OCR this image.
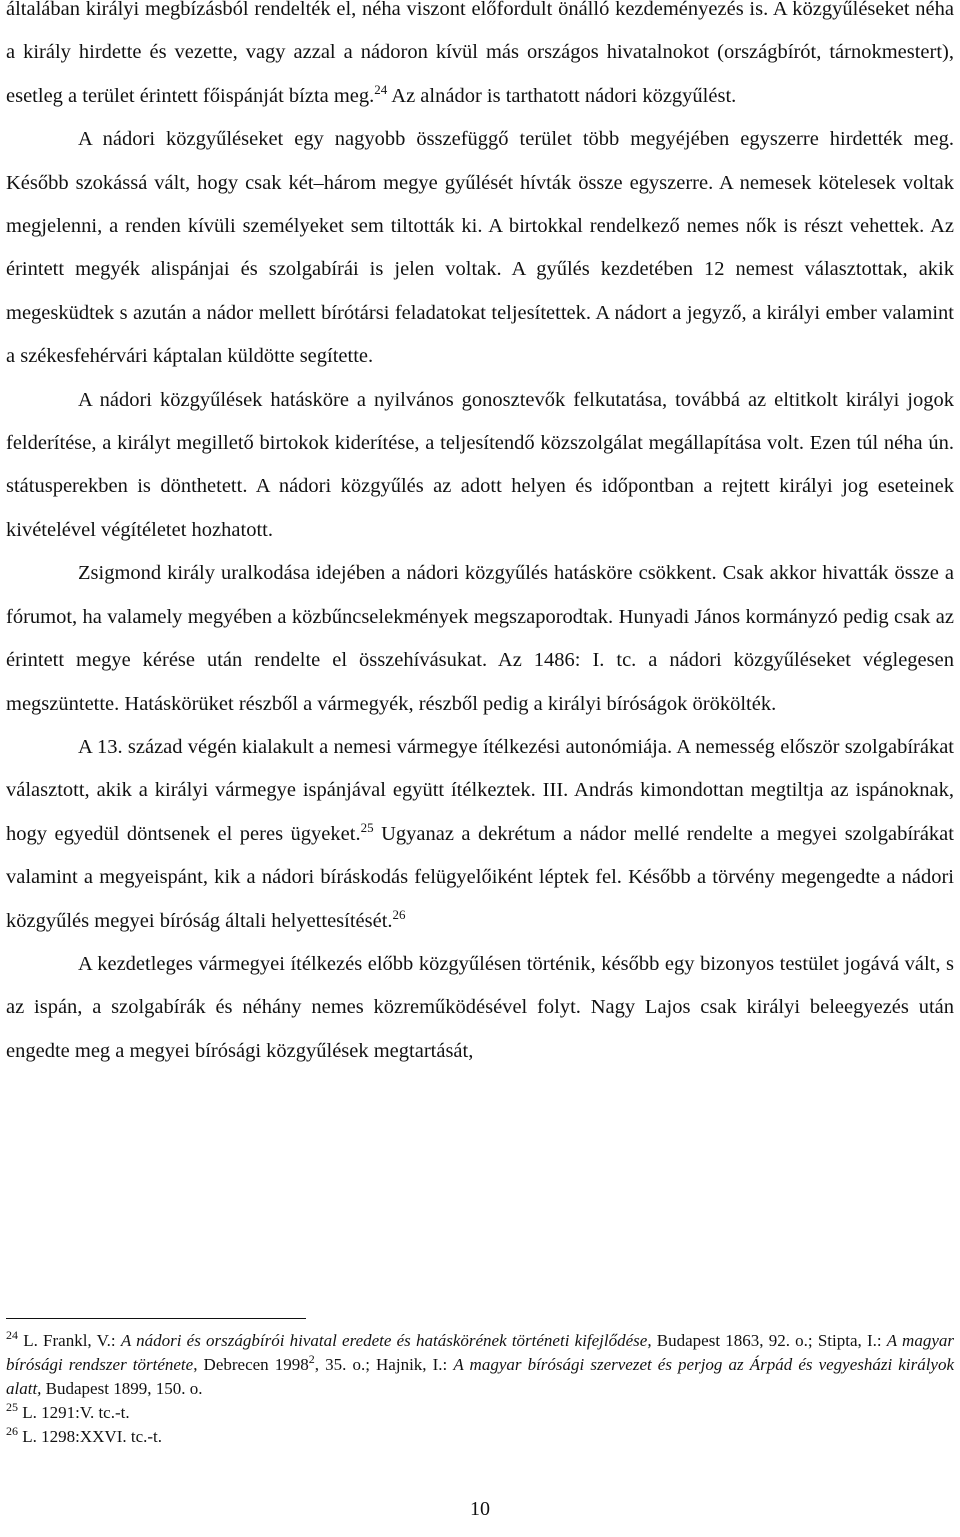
általában királyi megbízásból rendelték el, néha viszont előfordult önálló kezdeményezés is. A közgyűléseket néha a király hirdette és vezette, vagy azzal a nádoron kívül más országos hivatalnokot (országbírót, tárnokmestert), esetleg a terület érintett főispánját bízta meg.$^{24}$ Az alnádor is tarthatott nádori közgyűlést.

A nádori közgyűléseket egy nagyobb összefüggő terület több megyéjében egyszerre hirdették meg. Később szokássá vált, hogy csak két–három megye gyűlését hívták össze egyszerre. A nemesek kötelesek voltak megjelenni, a renden kívüli személyeket sem tiltották ki. A birtokkal rendelkező nemes nők is részt vehettek. Az érintett megyék alispánjai és szolgabírái is jelen voltak. A gyűlés kezdetében 12 nemest választottak, akik megesküdtek s azután a nádor mellett bírótársi feladatokat teljesítettek. A nádort a jegyző, a királyi ember valamint a székesfehérvári káptalan küldötte segítette.

A nádori közgyűlések hatásköre a nyilvános gonosztevők felkutatása, továbbá az eltitkolt királyi jogok felderítése, a királyt megillető birtokok kiderítése, a teljesítendő közszolgálat megállapítása volt. Ezen túl néha ún. státusperekben is dönthetett. A nádori közgyűlés az adott helyen és időpontban a rejtett királyi jog eseteinek kivételével végítéletet hozhatott.

Zsigmond király uralkodása idejében a nádori közgyűlés hatásköre csökkent. Csak akkor hivatták össze a fórumot, ha valamely megyében a közbűncselekmények megszaporodtak. Hunyadi János kormányzó pedig csak az érintett megye kérése után rendelte el összehívásukat. Az 1486: I. tc. a nádori közgyűléseket véglegesen megszüntette. Hatáskörüket részből a vármegyék, részből pedig a királyi bíróságok örökölték.

A 13. század végén kialakult a nemesi vármegye ítélkezési autonómiája. A nemesség először szolgabírákat választott, akik a királyi vármegye ispánjával együtt ítélkeztek. III. András kimondottan megtiltja az ispánoknak, hogy egyedül döntsenek el peres ügyeket.$^{25}$ Ugyanaz a dekrétum a nádor mellé rendelte a megyei szolgabírákat valamint a megyeispánt, kik a nádori bíráskodás felügyelőiként léptek fel. Később a törvény megengedte a nádori közgyűlés megyei bíróság általi helyettesítését.$^{26}$

A kezdetleges vármegyei ítélkezés előbb közgyűlésen történik, később egy bizonyos testület jogává vált, s az ispán, a szolgabírák és néhány nemes közreműködésével folyt. Nagy Lajos csak királyi beleegyezés után engedte meg a megyei bírósági közgyűlések megtartását,

$^{24}$ L. Frankl, V.: A nádori és országbírói hivatal eredete és hatáskörének történeti kifejlődése, Budapest 1863, 92. o.; Stipta, I.: A magyar bírósági rendszer története, Debrecen 1998$^2$, 35. o.; Hajnik, I.: A magyar bírósági szervezet és perjog az Árpád és vegyesházi királyok alatt, Budapest 1899, 150. o.

$^{25}$ L. 1291:V. tc.-t.

$^{26}$ L. 1298:XXVI. tc.-t.

10
